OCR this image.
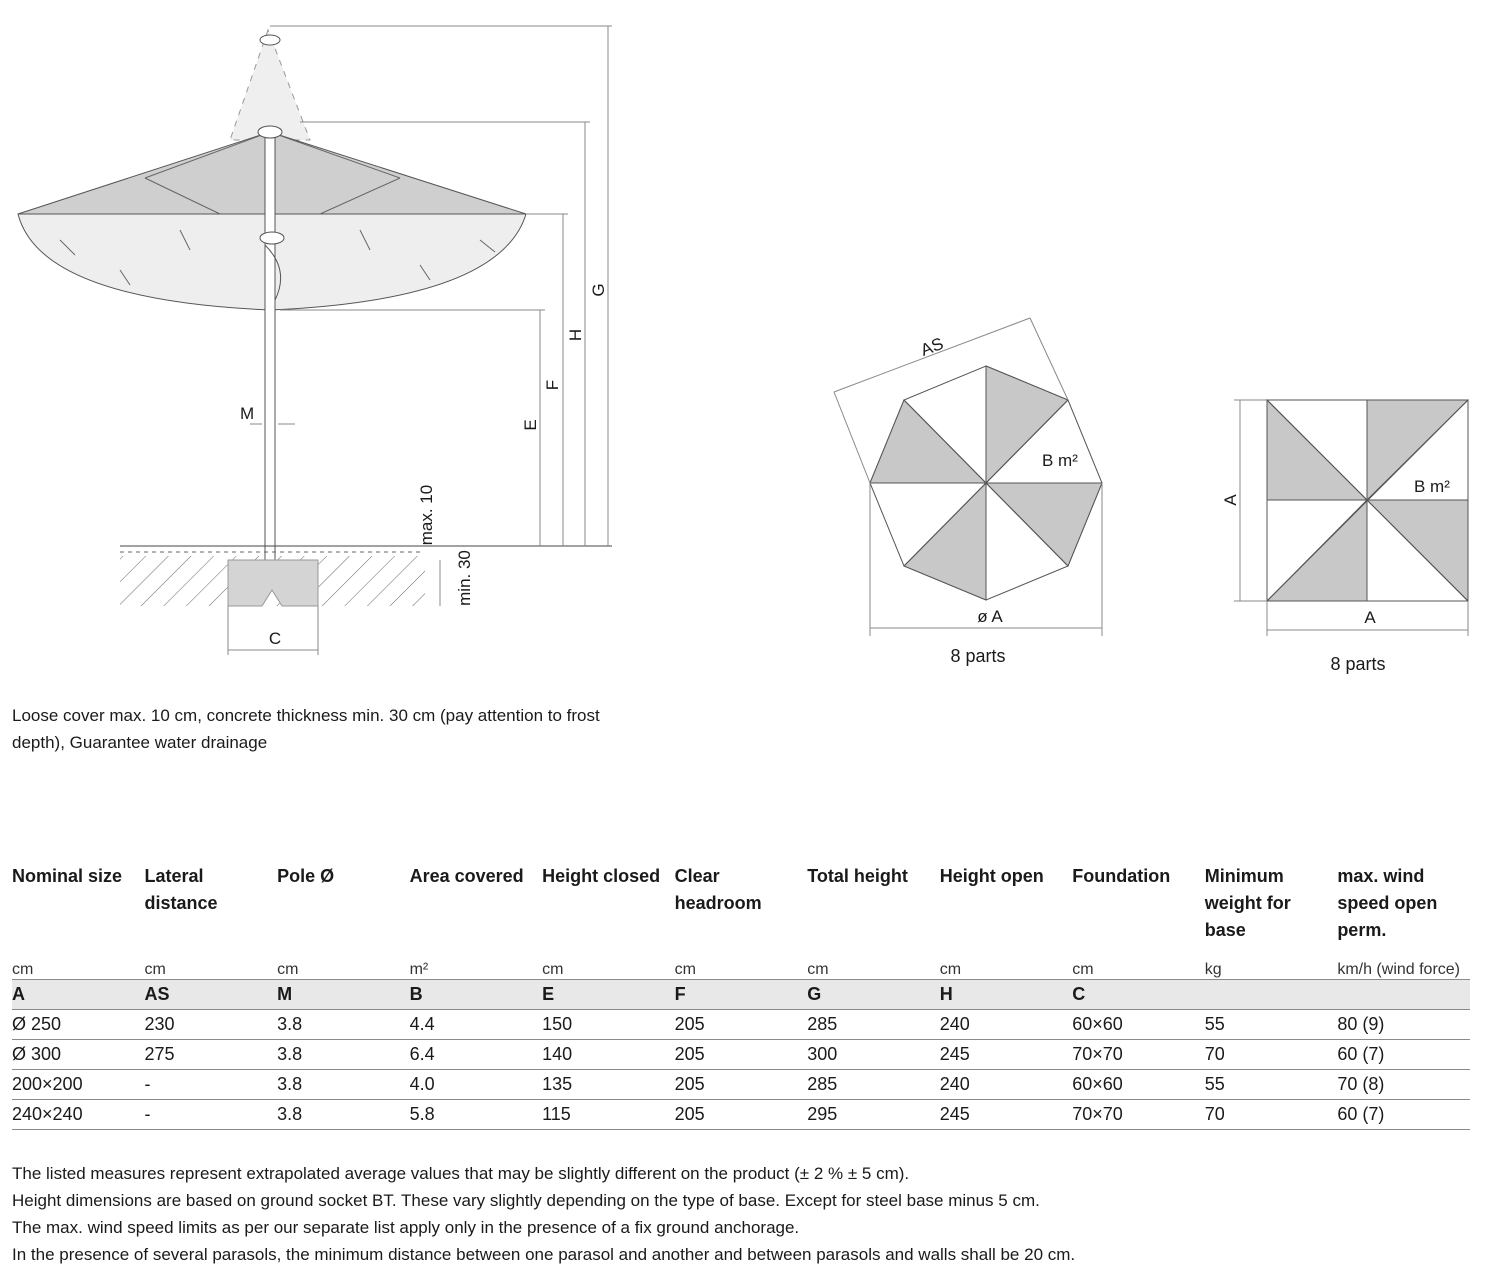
G
H
F
E
M
C
max. 10
min. 30
AS
B m²
ø A
8 parts
A
B m²
A
8 parts

Loose cover max. 10 cm, concrete thickness min. 30 cm (pay attention to frost depth), Guarantee water drainage

Nominal size	Lateral distance	Pole Ø	Area covered	Height closed	Clear headroom	Total height	Height open	Foundation	Minimum weight for base	max. wind speed open perm.
cm	cm	cm	m²	cm	cm	cm	cm	cm	kg	km/h (wind force)
A	AS	M	B	E	F	G	H	C		
Ø 250	230	3.8	4.4	150	205	285	240	60×60	55	80 (9)
Ø 300	275	3.8	6.4	140	205	300	245	70×70	70	60 (7)
200×200	-	3.8	4.0	135	205	285	240	60×60	55	70 (8)
240×240	-	3.8	5.8	115	205	295	245	70×70	70	60 (7)
The listed measures represent extrapolated average values that may be slightly different on the product (± 2 % ± 5 cm).
Height dimensions are based on ground socket BT. These vary slightly depending on the type of base. Except for steel base minus 5 cm.
The max. wind speed limits as per our separate list apply only in the presence of a fix ground anchorage.
In the presence of several parasols, the minimum distance between one parasol and another and between parasols and walls shall be 20 cm.
